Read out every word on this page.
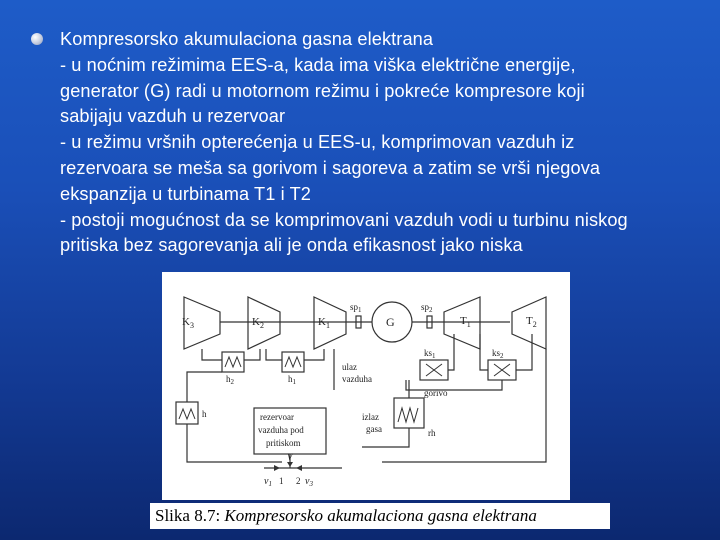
Kompresorsko akumulaciona gasna elektrana
- u noćnim režimima EES-a, kada ima viška električne energije,
generator (G) radi u motornom režimu i pokreće kompresore koji
sabijaju vazduh u rezervoar
- u režimu vršnih opterećenja u EES-u, komprimovan vazduh iz
rezervoara se meša sa gorivom i sagoreva a zatim se vrši njegova
ekspanzija u turbinama T1 i T2
- postoji mogućnost da se komprimovani vazduh vodi u turbinu niskog
pritiska bez sagorevanja ali je onda efikasnost jako niska
$K_3$	$K_2$	$K_1$
$sp_1$	$sp_2$
G	$T_1$	$T_2$
$ks_1$	$ks_2$
$h_2$	$h_1$
h
ulaz
vazduha
gorivo
rezervoar
vazduha pod
pritiskom
izlaz
gasa	rh
$v_1$
V
$v_3$
1 2
Slika 8.7: Kompresorsko akumalaciona gasna elektrana
